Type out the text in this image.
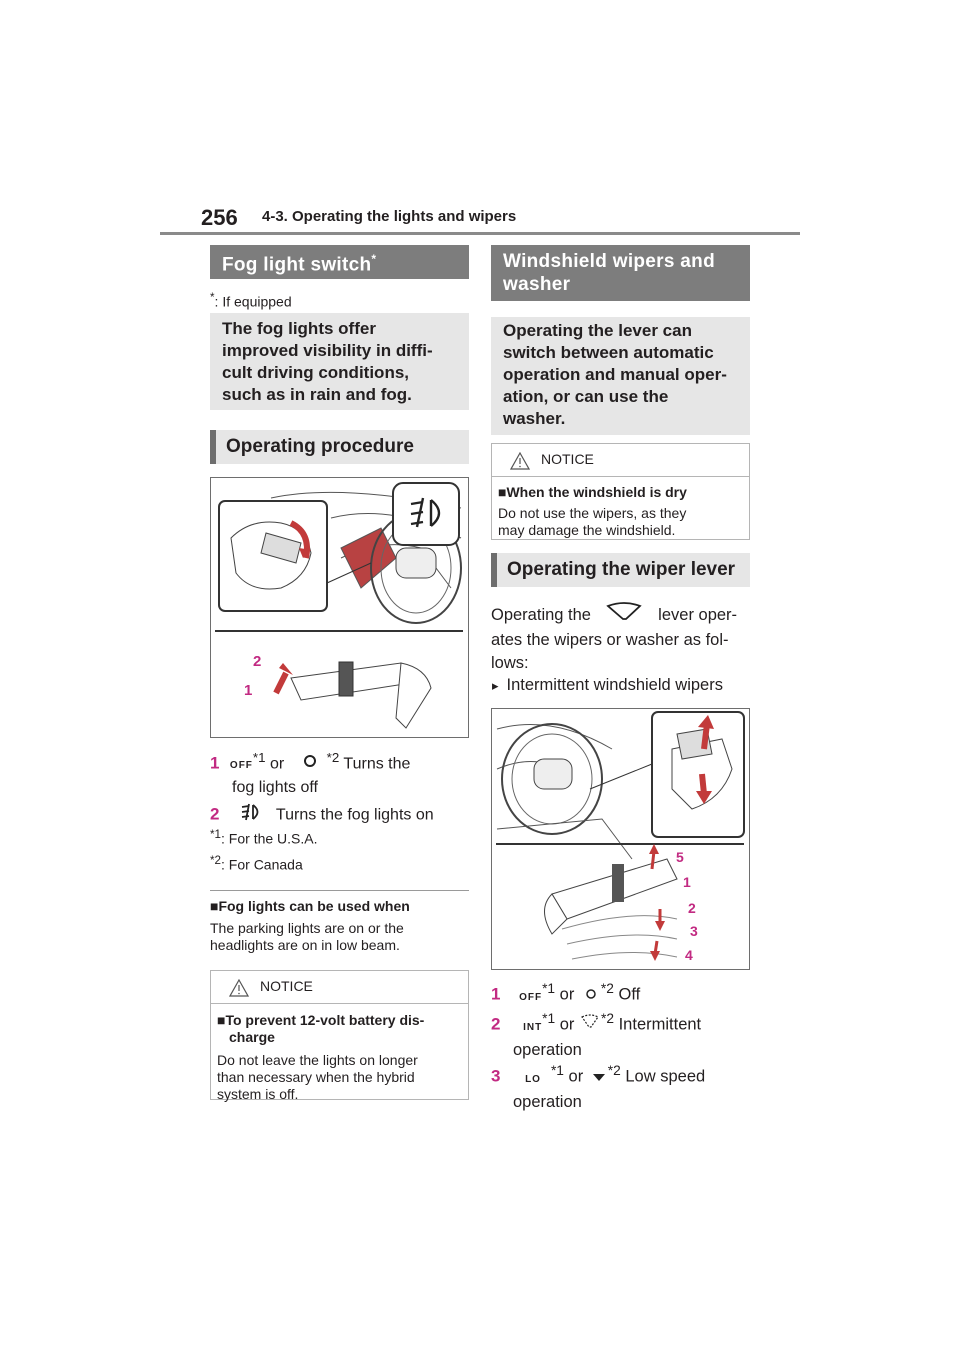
256 4-3. Operating the lights and wipers
Fog light switch*
*: If equipped
The fog lights offer
improved visibility in diffi-
cult driving conditions,
such as in rain and fog.
Operating procedure
2
1
1 OFF$^{*1}$ or	$^{*2}$ Turns the
fog lights off
2	Turns the fog lights on
$^{*1}$: For the U.S.A.
$^{*2}$: For Canada
■Fog lights can be used when
The parking lights are on or the
headlights are on in low beam.
NOTICE
■To prevent 12-volt battery dis-
charge
Do not leave the lights on longer
than necessary when the hybrid
system is off.
Windshield wipers and
washer
Operating the lever can
switch between automatic
operation and manual oper-
ation, or can use the
washer.
NOTICE
■When the windshield is dry
Do not use the wipers, as they
may damage the windshield.
Operating the wiper lever
Operating the	lever oper-
ates the wipers or washer as fol-
lows:
▸ Intermittent windshield wipers
5
1
2
3
4
1 OFF$^{*1}$ or $^{*2}$ Off
2 INT$^{*1}$ or $^{*2}$ Intermittent
operation
3 LO$^{*1}$ or $^{*2}$ Low speed
operation
